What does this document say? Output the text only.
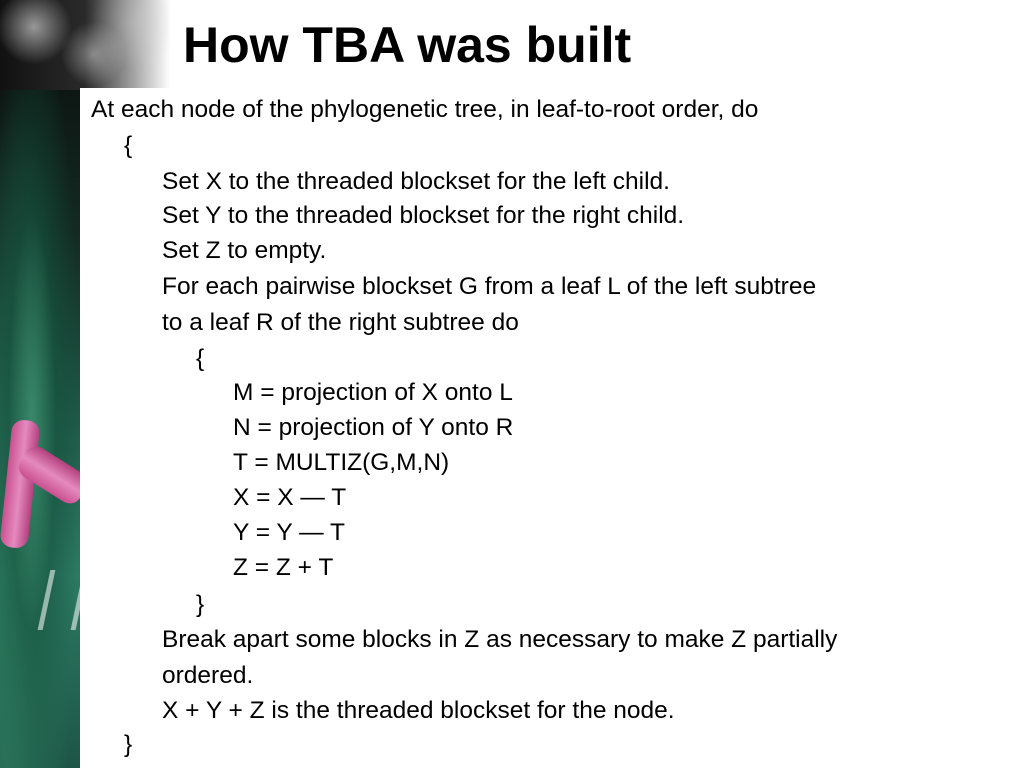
How TBA was built
At each node of the phylogenetic tree, in leaf-to-root order, do
{
Set X to the threaded blockset for the left child.
Set Y to the threaded blockset for the right child.
Set Z to empty.
For each pairwise blockset G from a leaf L of the left subtree
to a leaf R of the right subtree do
{
M = projection of X onto L
N = projection of Y onto R
T = MULTIZ(G,M,N)
X = X — T
Y = Y — T
Z = Z + T
}
Break apart some blocks in Z as necessary to make Z partially
ordered.
X + Y + Z is the threaded blockset for the node.
}
